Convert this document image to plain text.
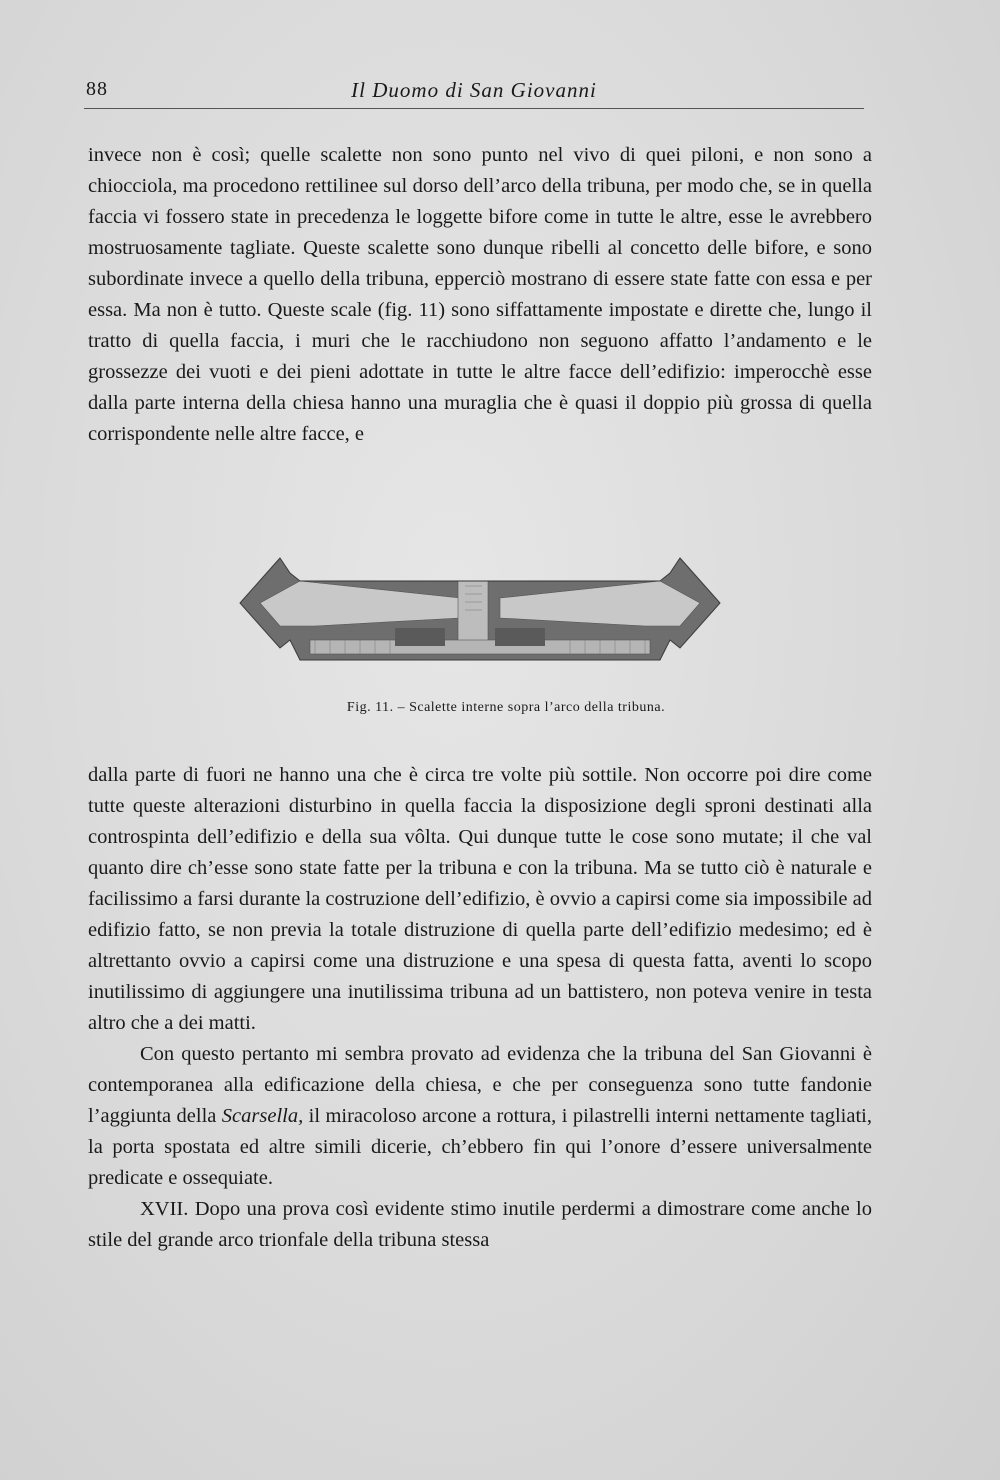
88	Il Duomo di San Giovanni

invece non è così; quelle scalette non sono punto nel vivo di quei piloni, e non sono a chiocciola, ma procedono rettilinee sul dorso dell’arco della tribuna, per modo che, se in quella faccia vi fossero state in precedenza le loggette bifore come in tutte le altre, esse le avrebbero mostruosamente tagliate. Queste scalette sono dunque ribelli al concetto delle bifore, e sono subordinate invece a quello della tribuna, epperciò mostrano di essere state fatte con essa e per essa. Ma non è tutto. Queste scale (fig. 11) sono siffattamente impostate e dirette che, lungo il tratto di quella faccia, i muri che le racchiudono non seguono affatto l’andamento e le grossezze dei vuoti e dei pieni adottate in tutte le altre facce dell’edifizio: imperocchè esse dalla parte interna della chiesa hanno una muraglia che è quasi il doppio più grossa di quella corrispondente nelle altre facce, e

Fig. 11. – Scalette interne sopra l’arco della tribuna.

dalla parte di fuori ne hanno una che è circa tre volte più sottile. Non occorre poi dire come tutte queste alterazioni disturbino in quella faccia la disposizione degli sproni destinati alla controspinta dell’edifizio e della sua vôlta. Qui dunque tutte le cose sono mutate; il che val quanto dire ch’esse sono state fatte per la tribuna e con la tribuna. Ma se tutto ciò è naturale e facilissimo a farsi durante la costruzione dell’edifizio, è ovvio a capirsi come sia impossibile ad edifizio fatto, se non previa la totale distruzione di quella parte dell’edifizio medesimo; ed è altrettanto ovvio a capirsi come una distruzione e una spesa di questa fatta, aventi lo scopo inutilissimo di aggiungere una inutilissima tribuna ad un battistero, non poteva venire in testa altro che a dei matti.

Con questo pertanto mi sembra provato ad evidenza che la tribuna del San Giovanni è contemporanea alla edificazione della chiesa, e che per conseguenza sono tutte fandonie l’aggiunta della Scarsella, il miracoloso arcone a rottura, i pilastrelli interni nettamente tagliati, la porta spostata ed altre simili dicerie, ch’ebbero fin qui l’onore d’essere universalmente predicate e ossequiate.

XVII. Dopo una prova così evidente stimo inutile perdermi a dimostrare come anche lo stile del grande arco trionfale della tribuna stessa
